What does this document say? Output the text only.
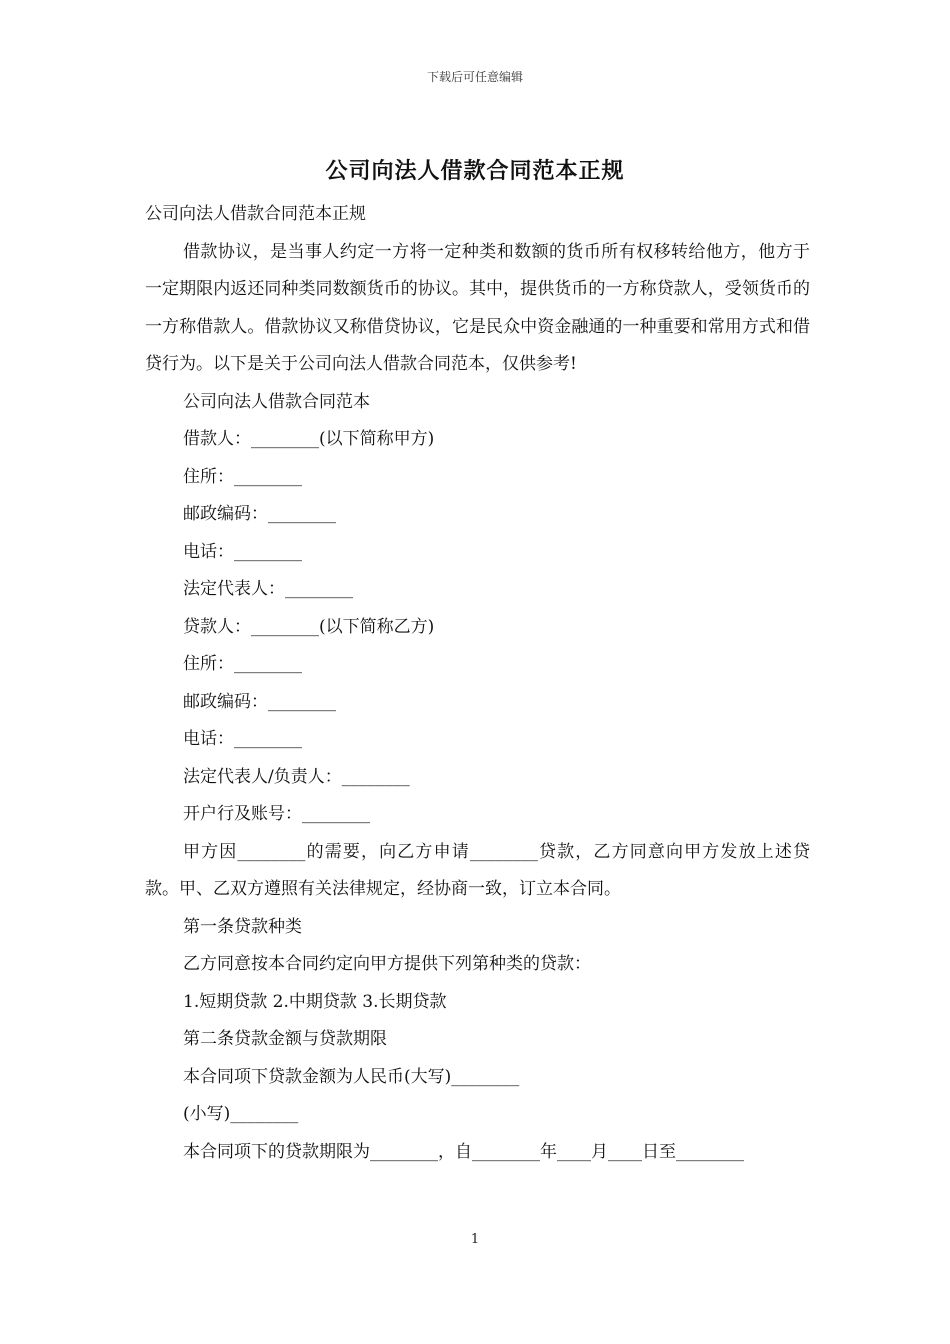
下载后可任意编辑
公司向法人借款合同范本正规

公司向法人借款合同范本正规

借款协议，是当事人约定一方将一定种类和数额的货币所有权移转给他方，他方于一定期限内返还同种类同数额货币的协议。其中，提供货币的一方称贷款人，受领货币的一方称借款人。借款协议又称借贷协议，它是民众中资金融通的一种重要和常用方式和借贷行为。以下是关于公司向法人借款合同范本，仅供参考!

公司向法人借款合同范本

借款人：________(以下简称甲方)

住所：________

邮政编码：________

电话：________

法定代表人：________

贷款人：________(以下简称乙方)

住所：________

邮政编码：________

电话：________

法定代表人/负责人：________

开户行及账号：________

甲方因________的需要，向乙方申请________贷款，乙方同意向甲方发放上述贷款。甲、乙双方遵照有关法律规定，经协商一致，订立本合同。

第一条贷款种类

乙方同意按本合同约定向甲方提供下列第种类的贷款：

1.短期贷款 2.中期贷款 3.长期贷款

第二条贷款金额与贷款期限

本合同项下贷款金额为人民币(大写)________

(小写)________

本合同项下的贷款期限为________，自________年____月____日至________

1
